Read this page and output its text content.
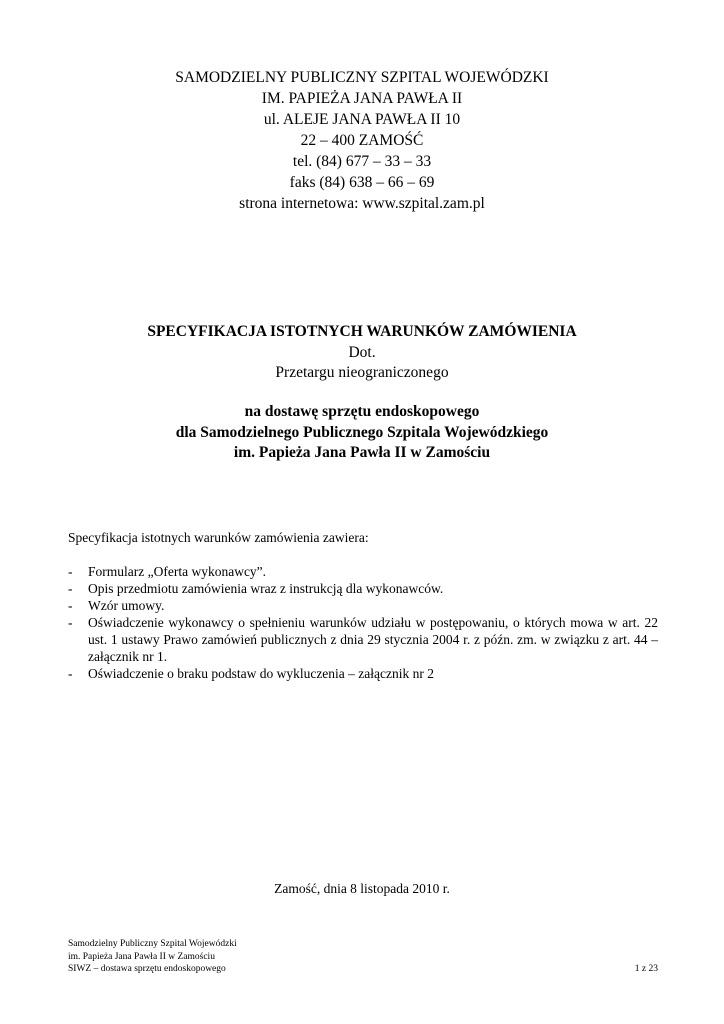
SAMODZIELNY PUBLICZNY SZPITAL WOJEWÓDZKI
IM. PAPIEŻA JANA PAWŁA II
ul. ALEJE JANA PAWŁA II 10
22 – 400 ZAMOŚĆ
tel. (84) 677 – 33 – 33
faks (84) 638 – 66 – 69
strona internetowa: www.szpital.zam.pl
SPECYFIKACJA ISTOTNYCH WARUNKÓW ZAMÓWIENIA
Dot.
Przetargu nieograniczonego
na dostawę sprzętu endoskopowego
dla Samodzielnego Publicznego Szpitala Wojewódzkiego
im. Papieża Jana Pawła II w Zamościu

Specyfikacja istotnych warunków zamówienia zawiera:

- Formularz „Oferta wykonawcy”.
- Opis przedmiotu zamówienia wraz z instrukcją dla wykonawców.
- Wzór umowy.
- Oświadczenie wykonawcy o spełnieniu warunków udziału w postępowaniu, o których mowa w art. 22 ust. 1 ustawy Prawo zamówień publicznych z dnia 29 stycznia 2004 r. z późn. zm. w związku z art. 44 – załącznik nr 1.
- Oświadczenie o braku podstaw do wykluczenia – załącznik nr 2
Zamość, dnia 8 listopada 2010 r.
Samodzielny Publiczny Szpital Wojewódzki
im. Papieża Jana Pawła II w Zamościu
SIWZ – dostawa sprzętu endoskopowego	1 z 23
